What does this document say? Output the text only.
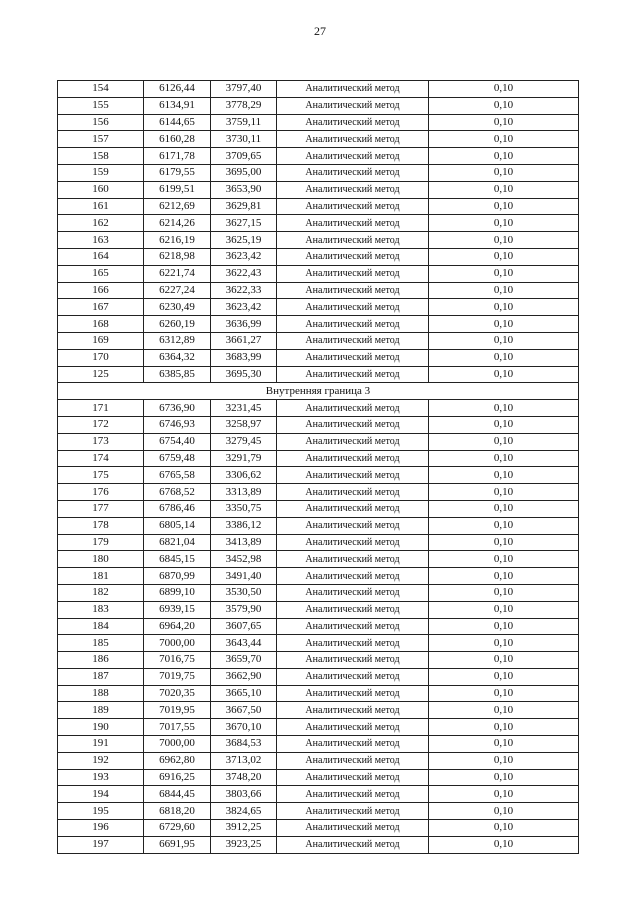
27
154	6126,44	3797,40	Аналитический метод	0,10
155	6134,91	3778,29	Аналитический метод	0,10
156	6144,65	3759,11	Аналитический метод	0,10
157	6160,28	3730,11	Аналитический метод	0,10
158	6171,78	3709,65	Аналитический метод	0,10
159	6179,55	3695,00	Аналитический метод	0,10
160	6199,51	3653,90	Аналитический метод	0,10
161	6212,69	3629,81	Аналитический метод	0,10
162	6214,26	3627,15	Аналитический метод	0,10
163	6216,19	3625,19	Аналитический метод	0,10
164	6218,98	3623,42	Аналитический метод	0,10
165	6221,74	3622,43	Аналитический метод	0,10
166	6227,24	3622,33	Аналитический метод	0,10
167	6230,49	3623,42	Аналитический метод	0,10
168	6260,19	3636,99	Аналитический метод	0,10
169	6312,89	3661,27	Аналитический метод	0,10
170	6364,32	3683,99	Аналитический метод	0,10
125	6385,85	3695,30	Аналитический метод	0,10
Внутренняя граница 3				
171	6736,90	3231,45	Аналитический метод	0,10
172	6746,93	3258,97	Аналитический метод	0,10
173	6754,40	3279,45	Аналитический метод	0,10
174	6759,48	3291,79	Аналитический метод	0,10
175	6765,58	3306,62	Аналитический метод	0,10
176	6768,52	3313,89	Аналитический метод	0,10
177	6786,46	3350,75	Аналитический метод	0,10
178	6805,14	3386,12	Аналитический метод	0,10
179	6821,04	3413,89	Аналитический метод	0,10
180	6845,15	3452,98	Аналитический метод	0,10
181	6870,99	3491,40	Аналитический метод	0,10
182	6899,10	3530,50	Аналитический метод	0,10
183	6939,15	3579,90	Аналитический метод	0,10
184	6964,20	3607,65	Аналитический метод	0,10
185	7000,00	3643,44	Аналитический метод	0,10
186	7016,75	3659,70	Аналитический метод	0,10
187	7019,75	3662,90	Аналитический метод	0,10
188	7020,35	3665,10	Аналитический метод	0,10
189	7019,95	3667,50	Аналитический метод	0,10
190	7017,55	3670,10	Аналитический метод	0,10
191	7000,00	3684,53	Аналитический метод	0,10
192	6962,80	3713,02	Аналитический метод	0,10
193	6916,25	3748,20	Аналитический метод	0,10
194	6844,45	3803,66	Аналитический метод	0,10
195	6818,20	3824,65	Аналитический метод	0,10
196	6729,60	3912,25	Аналитический метод	0,10
197	6691,95	3923,25	Аналитический метод	0,10
